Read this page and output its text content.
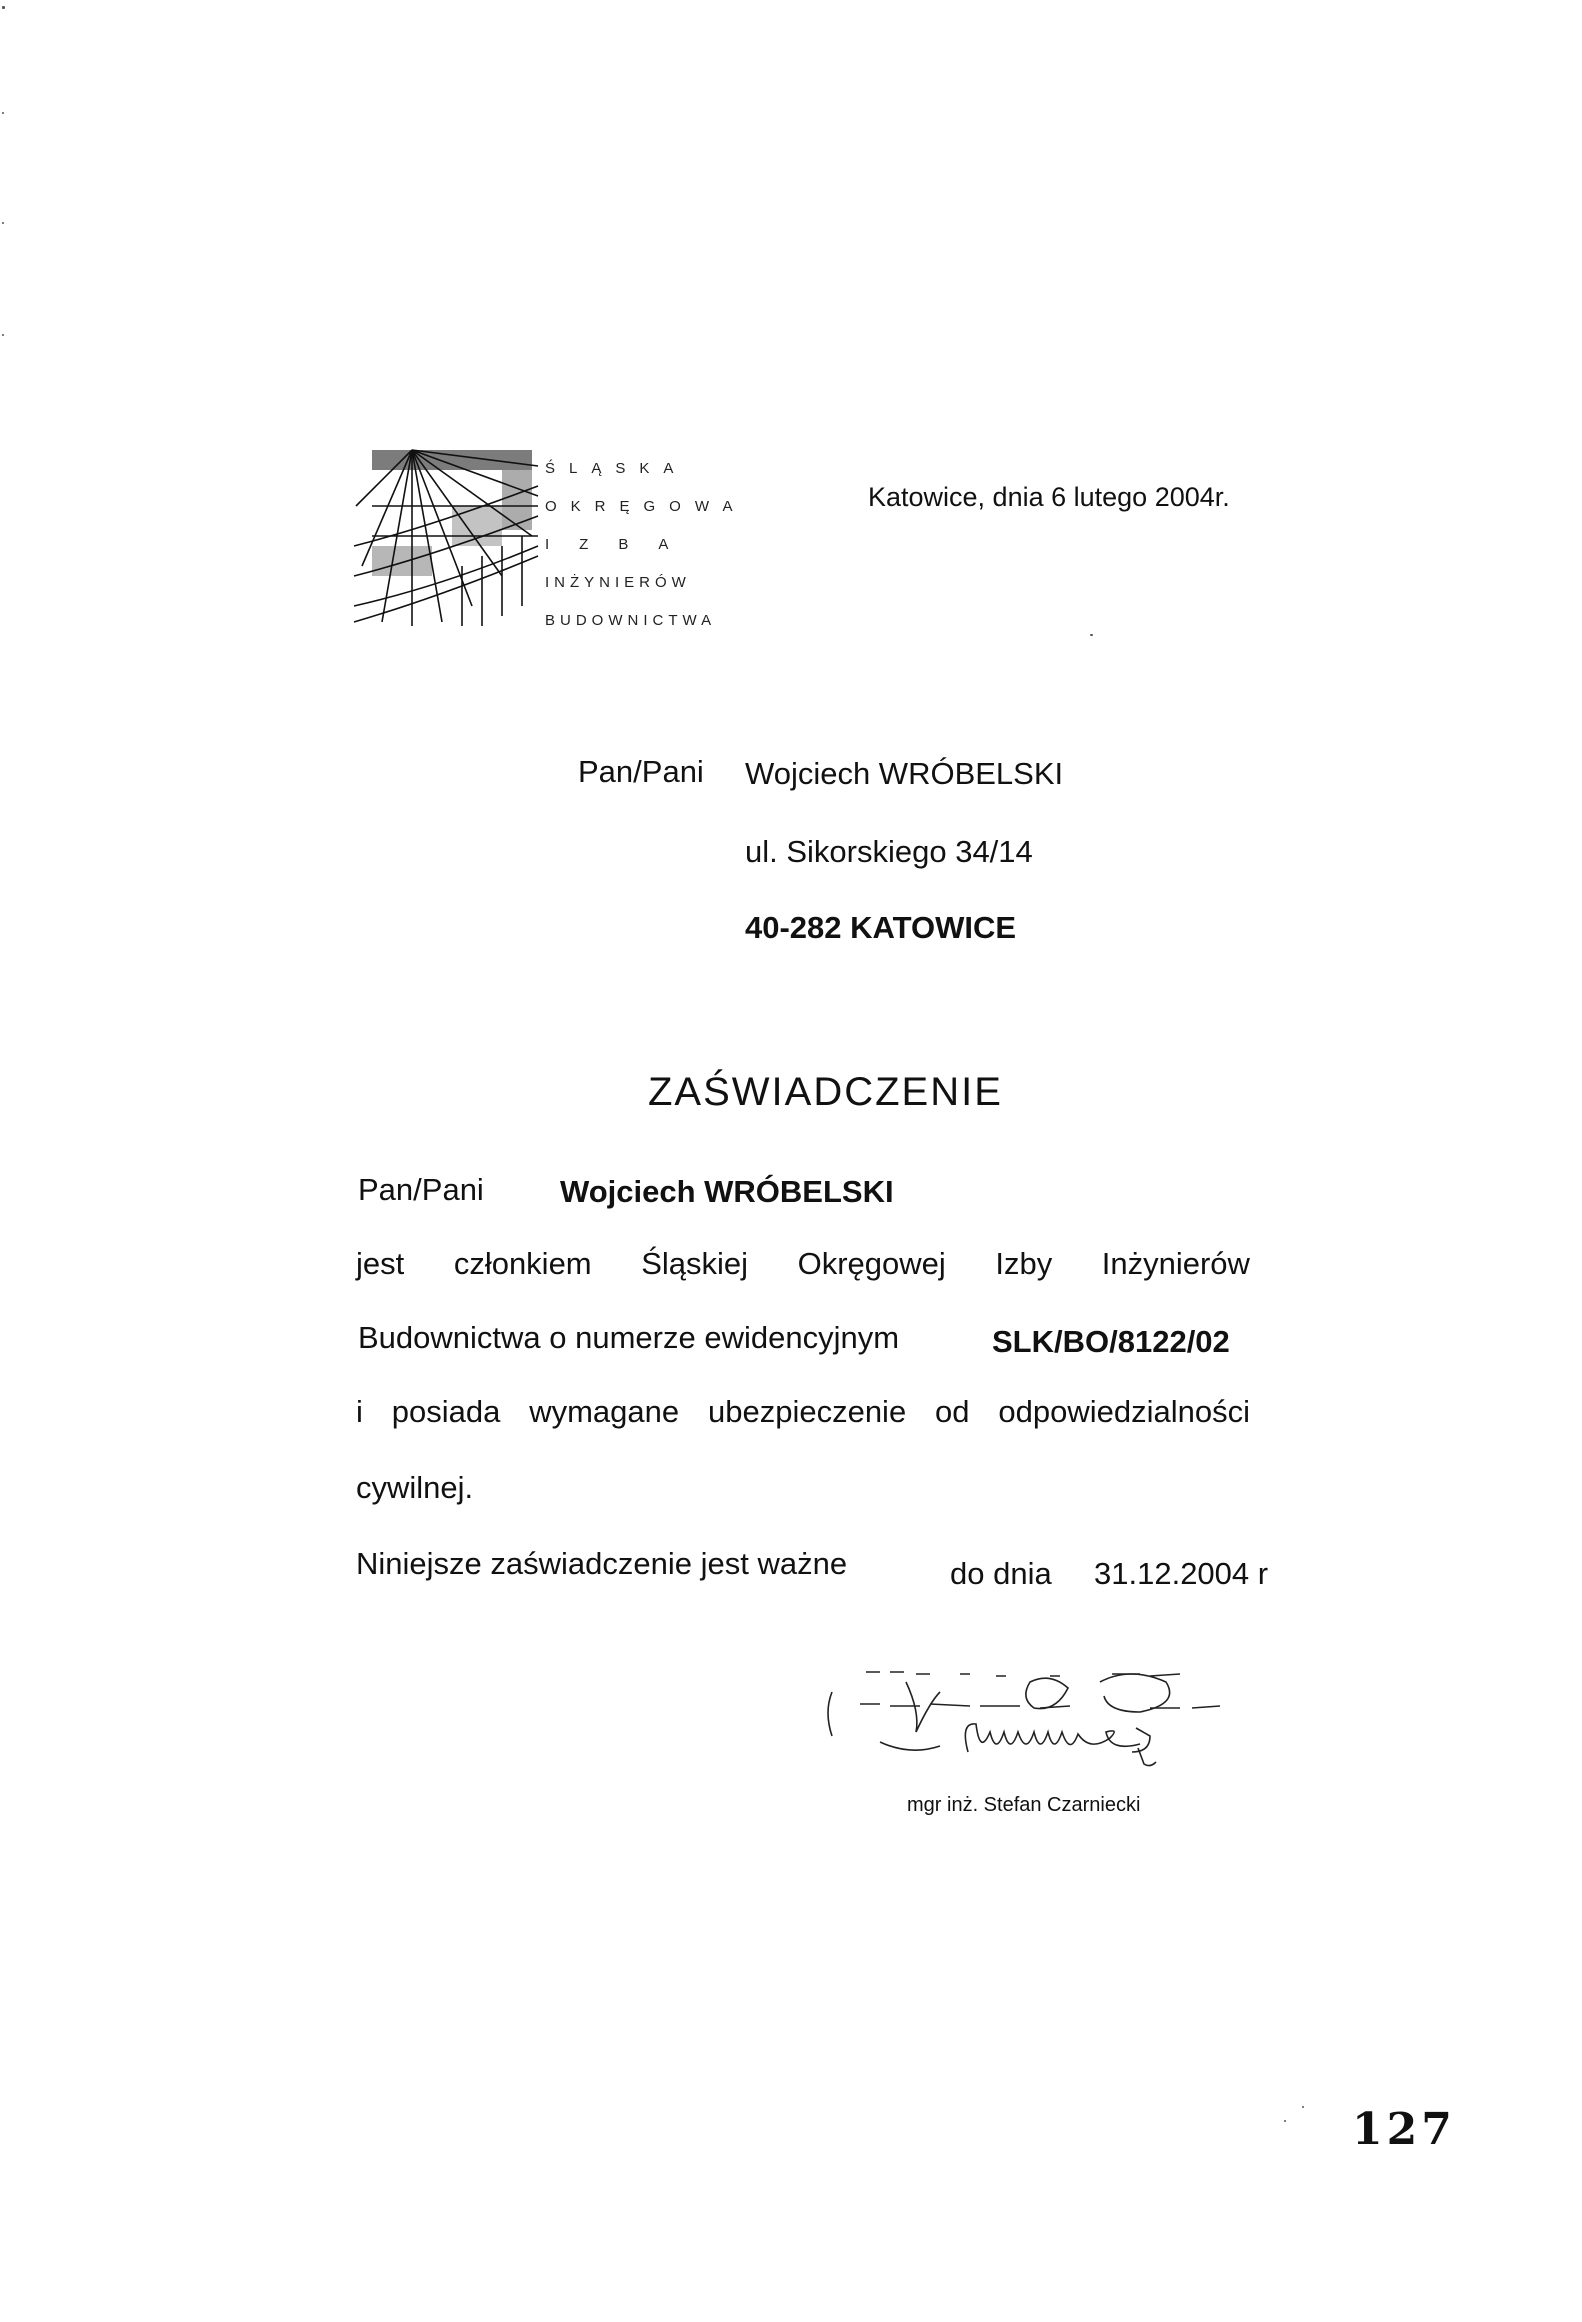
ŚLĄSKA
OKRĘGOWA
IZBA
INŻYNIERÓW
BUDOWNICTWA
Katowice, dnia 6 lutego 2004r.
Pan/Pani Wojciech WRÓBELSKI
ul. Sikorskiego 34/14
40-282 KATOWICE
ZAŚWIADCZENIE
Pan/Pani Wojciech WRÓBELSKI
jest członkiem Śląskiej Okręgowej Izby Inżynierów
Budownictwa o numerze ewidencyjnym	SLK/BO/8122/02
i posiada wymagane ubezpieczenie od odpowiedzialności
cywilnej.
Niniejsze zaświadczenie jest ważne	do dnia 31.12.2004 r
mgr inż. Stefan Czarniecki
127
